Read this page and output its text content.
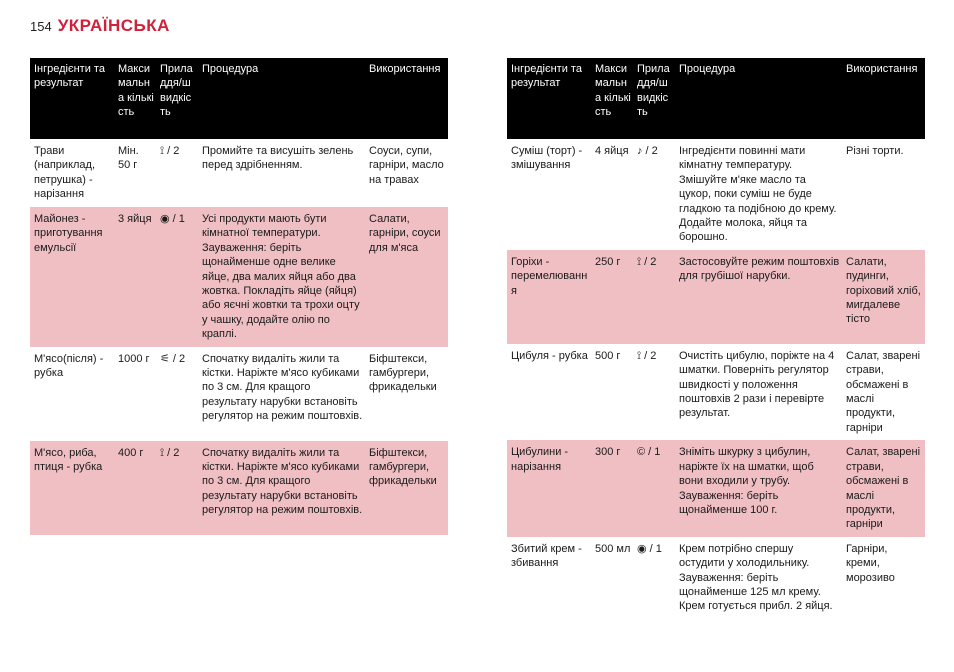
154 УКРАЇНСЬКА
Інгредієнти та результат	Макси мальн а кількі сть	Прила ддя/ш видкіс ть	Процедура	Використання
Трави (наприклад, петрушка) - нарізання	Мін. 50 г	⟟ / 2	Промийте та висушіть зелень перед здрібненням.	Соуси, супи, гарніри, масло на травах
Майонез - приготування емульсії	3 яйця	◉ / 1	Усі продукти мають бути кімнатної температури. Зауваження: беріть щонайменше одне велике яйце, два малих яйця або два жовтка. Покладіть яйце (яйця) або яєчні жовтки та трохи оцту у чашку, додайте олію по краплі.	Салати, гарніри, соуси для м'яса
М'ясо(після) - рубка	1000 г	⚟ / 2	Спочатку видаліть жили та кістки. Наріжте м'ясо кубиками по 3 см. Для кращого результату нарубки встановіть регулятор на режим поштовхів.	Біфштекси, гамбургери, фрикадельки
М'ясо, риба, птиця - рубка	400 г	⟟ / 2	Спочатку видаліть жили та кістки. Наріжте м'ясо кубиками по 3 см. Для кращого результату нарубки встановіть регулятор на режим поштовхів.	Біфштекси, гамбургери, фрикадельки
Інгредієнти та результат	Макси мальн а кількі сть	Прила ддя/ш видкіс ть	Процедура	Використання
Суміш (торт) - змішування	4 яйця	♪ / 2	Інгредієнти повинні мати кімнатну температуру. Змішуйте м'яке масло та цукор, поки суміш не буде гладкою та подібною до крему. Додайте молока, яйця та борошно.	Різні торти.
Горіхи - перемелювання	250 г	⟟ / 2	Застосовуйте режим поштовхів для грубішої нарубки.	Салати, пудинги, горіховий хліб, мигдалеве тісто
Цибуля - рубка	500 г	⟟ / 2	Очистіть цибулю, поріжте на 4 шматки. Поверніть регулятор швидкості у положення поштовхів 2 рази і перевірте результат.	Салат, зварені страви, обсмажені в маслі продукти, гарніри
Цибулини - нарізання	300 г	© / 1	Зніміть шкурку з цибулин, наріжте їх на шматки, щоб вони входили у трубу. Зауваження: беріть щонайменше 100 г.	Салат, зварені страви, обсмажені в маслі продукти, гарніри
Збитий крем - збивання	500 мл	◉ / 1	Крем потрібно спершу остудити у холодильнику. Зауваження: беріть щонайменше 125 мл крему. Крем готується прибл. 2 яйця.	Гарніри, креми, морозиво
